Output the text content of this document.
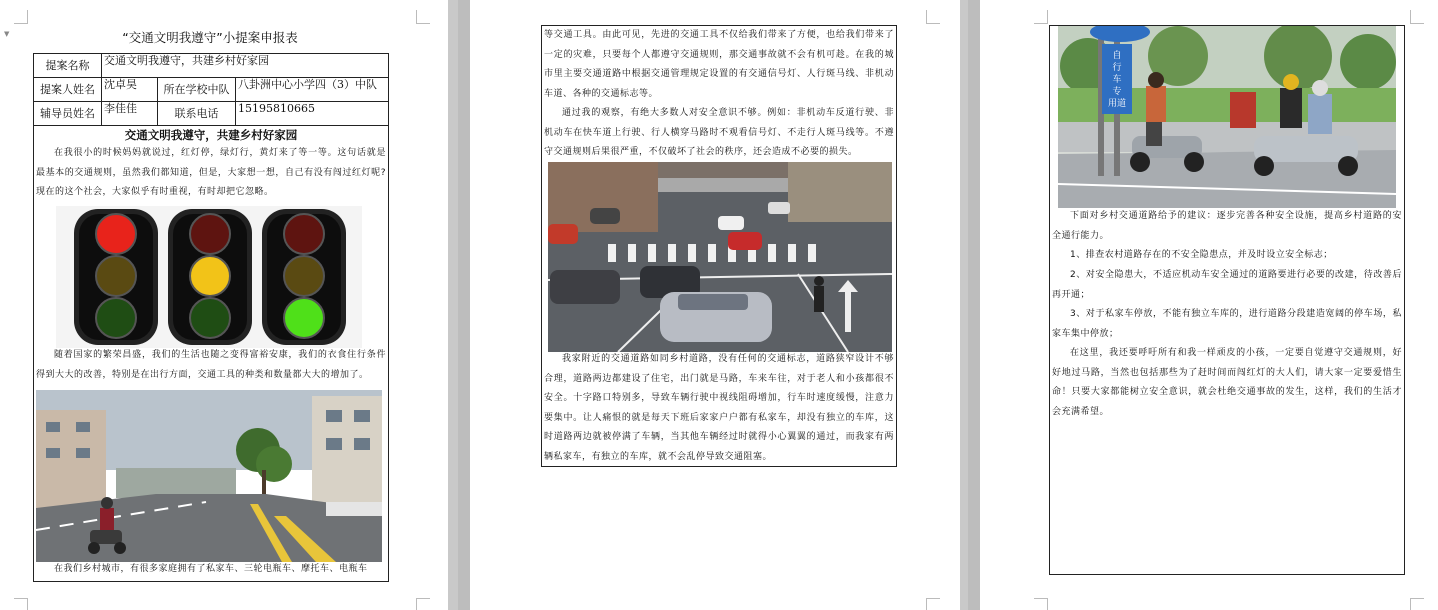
▼	“交通文明我遵守”小提案申报表
提案名称	交通文明我遵守，共建乡村好家园		
提案人姓名	沈卓昊	所在学校中队	八卦洲中心小学四（3）中队
辅导员姓名	李佳佳	联系电话	15195810665
交通文明我遵守，共建乡村好家园

在我很小的时候妈妈就说过，红灯停，绿灯行，黄灯来了等一等。这句话就是最基本的交通规则，虽然我们都知道，但是，大家想一想，自己有没有闯过红灯呢?现在的这个社会，大家似乎有时重视，有时却把它忽略。

随着国家的繁荣昌盛，我们的生活也随之变得富裕安康，我们的衣食住行条件得到大大的改善，特别是在出行方面，交通工具的种类和数量都大大的增加了。

在我们乡村城市，有很多家庭拥有了私家车、三轮电瓶车、摩托车、电瓶车

等交通工具。由此可见，先进的交通工具不仅给我们带来了方便，也给我们带来了一定的灾难，只要每个人都遵守交通规则，那交通事故就不会有机可趁。在我的城市里主要交通道路中根据交通管理规定设置的有交通信号灯、人行斑马线、非机动车道、各种的交通标志等。

通过我的观察，有绝大多数人对安全意识不够。例如：非机动车反道行驶、非机动车在快车道上行驶、行人横穿马路时不观看信号灯、不走行人斑马线等。不遵守交通规则后果很严重，不仅破坏了社会的秩序，还会造成不必要的损失。

我家附近的交通道路如同乡村道路，没有任何的交通标志，道路狭窄设计不够合理，道路两边都建设了住宅，出门就是马路，车来车往，对于老人和小孩都很不安全。十字路口特别多，导致车辆行驶中视线阻碍增加，行车时速度缓慢，注意力要集中。让人痛恨的就是每天下班后家家户户都有私家车，却没有独立的车库，这时道路两边就被停满了车辆，当其他车辆经过时就得小心翼翼的通过，而我家有两辆私家车，有独立的车库，就不会乱停导致交通阻塞。

自
行
车
专
用道

下面对乡村交通道路给予的建议：逐步完善各种安全设施，提高乡村道路的安全通行能力。

1、排查农村道路存在的不安全隐患点，并及时设立安全标志；

2、对安全隐患大，不适应机动车安全通过的道路要进行必要的改建，待改善后再开通；

3、对于私家车停放，不能有独立车库的，进行道路分段建造宽阔的停车场，私家车集中停放；

在这里，我还要呼吁所有和我一样顽皮的小孩，一定要自觉遵守交通规则，好好地过马路，当然也包括那些为了赶时间而闯红灯的大人们，请大家一定要爱惜生命！只要大家都能树立安全意识，就会杜绝交通事故的发生，这样，我们的生活才会充满希望。
